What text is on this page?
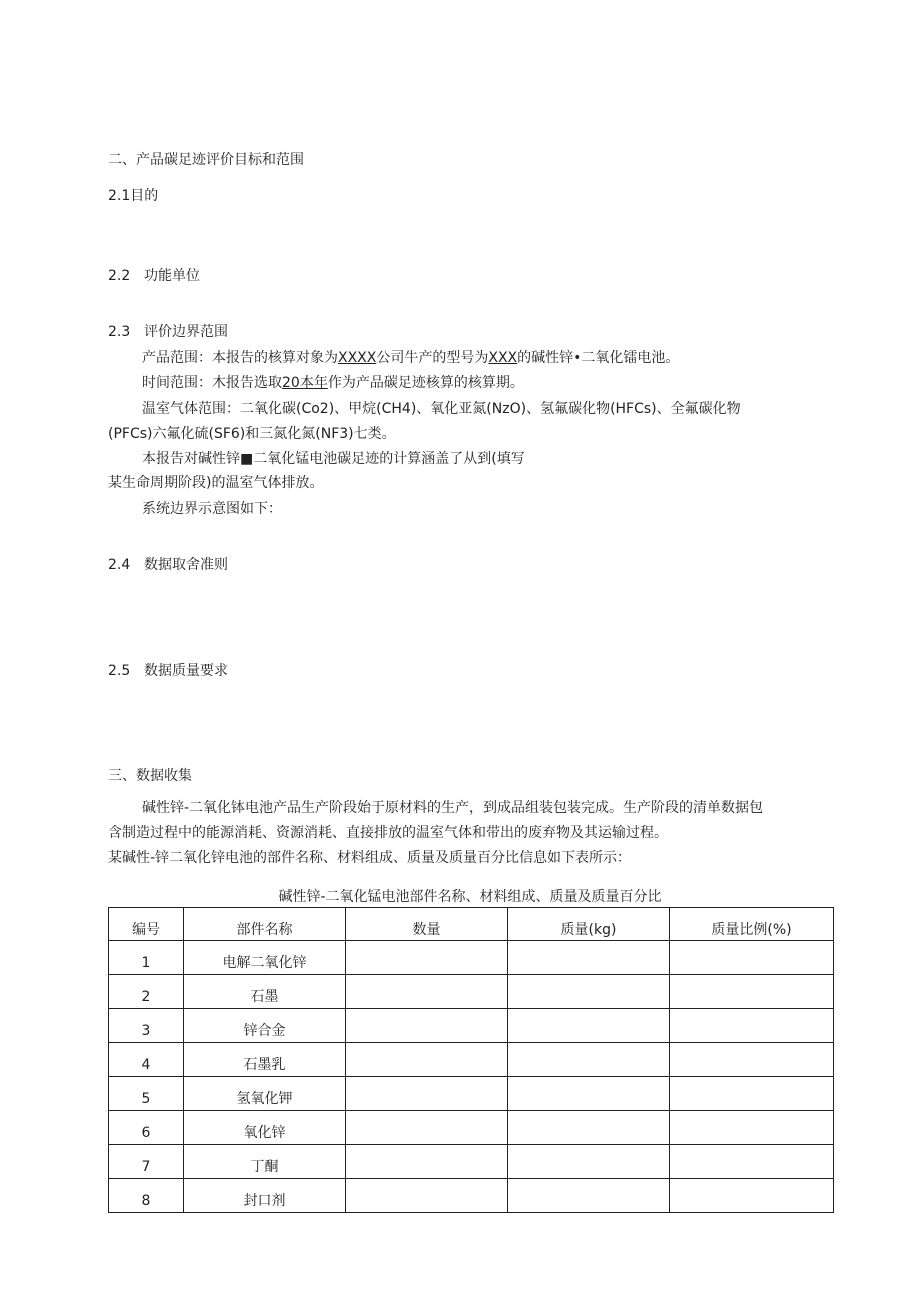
二、产品碳足迹评价目标和范围
2.1目的
2.2 功能单位
2.3 评价边界范围
产品范围：本报告的核算对象为XXXX公司牛产的型号为XXX的碱性锌•二氧化镭电池。
时间范围：木报告选取20本年作为产品碳足迹核算的核算期。
温室气体范围：二氧化碳(Co2)、甲烷(CH4)、氧化亚氮(NzO)、氢氟碳化物(HFCs)、全氟碳化物
(PFCs)六氟化硫(SF6)和三氮化氮(NF3)七类。
本报告对碱性锌■二氧化锰电池碳足迹的计算涵盖了从到(填写
某生命周期阶段)的温室气体排放。
系统边界示意图如下：
2.4 数据取舍准则
2.5 数据质量要求
三、数据收集
碱性锌-二氧化钵电池产品生产阶段始于原材料的生产，到成品组装包装完成。生产阶段的清单数据包
含制造过程中的能源消耗、资源消耗、直接排放的温室气体和带出的废弃物及其运输过程。
某碱性-锌二氧化锌电池的部件名称、材料组成、质量及质量百分比信息如下表所示：
碱性锌-二氧化锰电池部件名称、材料组成、质量及质量百分比
编号	部件名称	数量	质量(kg)	质量比例(%)
1	电解二氧化锌			
2	石墨			
3	锌合金			
4	石墨乳			
5	氢氧化钾			
6	氧化锌			
7	丁酮			
8	封口剂			
